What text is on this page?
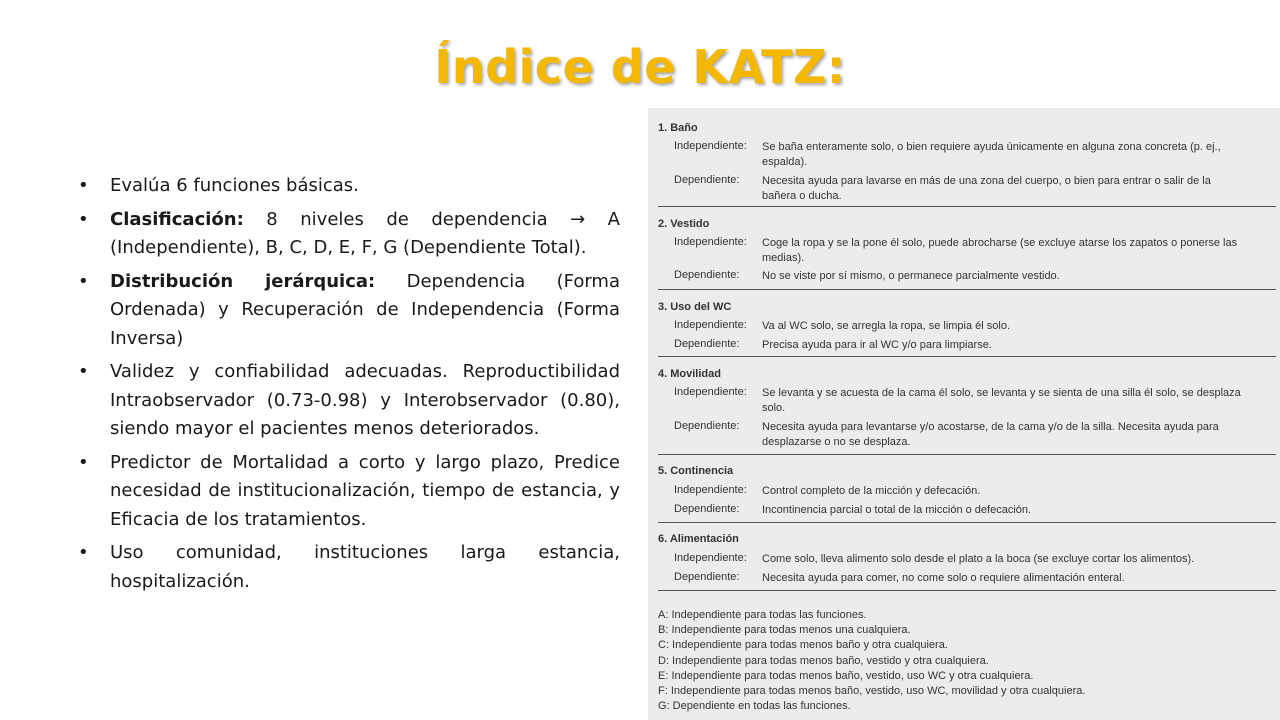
Índice de KATZ:
• Evalúa 6 funciones básicas.
• Clasificación: 8 niveles de dependencia → A (Independiente), B, C, D, E, F, G (Dependiente Total).
• Distribución jerárquica: Dependencia (Forma Ordenada) y Recuperación de Independencia (Forma Inversa)
• Validez y confiabilidad adecuadas. Reproductibilidad Intraobservador (0.73-0.98) y Interobservador (0.80), siendo mayor el pacientes menos deteriorados.
• Predictor de Mortalidad a corto y largo plazo, Predice necesidad de institucionalización, tiempo de estancia, y Eficacia de los tratamientos.
• Uso comunidad, instituciones larga estancia, hospitalización.
1. Baño
Independiente: Se baña enteramente solo, o bien requiere ayuda únicamente en alguna zona concreta (p. ej., espalda).
Dependiente: Necesita ayuda para lavarse en más de una zona del cuerpo, o bien para entrar o salir de la bañera o ducha.
2. Vestido
Independiente: Coge la ropa y se la pone él solo, puede abrocharse (se excluye atarse los zapatos o ponerse las medias).
Dependiente: No se viste por sí mismo, o permanece parcialmente vestido.
3. Uso del WC
Independiente: Va al WC solo, se arregla la ropa, se limpia él solo.
Dependiente: Precisa ayuda para ir al WC y/o para limpiarse.
4. Movilidad
Independiente: Se levanta y se acuesta de la cama él solo, se levanta y se sienta de una silla él solo, se desplaza solo.
Dependiente: Necesita ayuda para levantarse y/o acostarse, de la cama y/o de la silla. Necesita ayuda para desplazarse o no se desplaza.
5. Continencia
Independiente: Control completo de la micción y defecación.
Dependiente: Incontinencia parcial o total de la micción o defecación.
6. Alimentación
Independiente: Come solo, lleva alimento solo desde el plato a la boca (se excluye cortar los alimentos).
Dependiente: Necesita ayuda para comer, no come solo o requiere alimentación enteral.
A: Independiente para todas las funciones.
B: Independiente para todas menos una cualquiera.
C: Independiente para todas menos baño y otra cualquiera.
D: Independiente para todas menos baño, vestido y otra cualquiera.
E: Independiente para todas menos baño, vestido, uso WC y otra cualquiera.
F: Independiente para todas menos baño, vestido, uso WC, movilidad y otra cualquiera.
G: Dependiente en todas las funciones.
